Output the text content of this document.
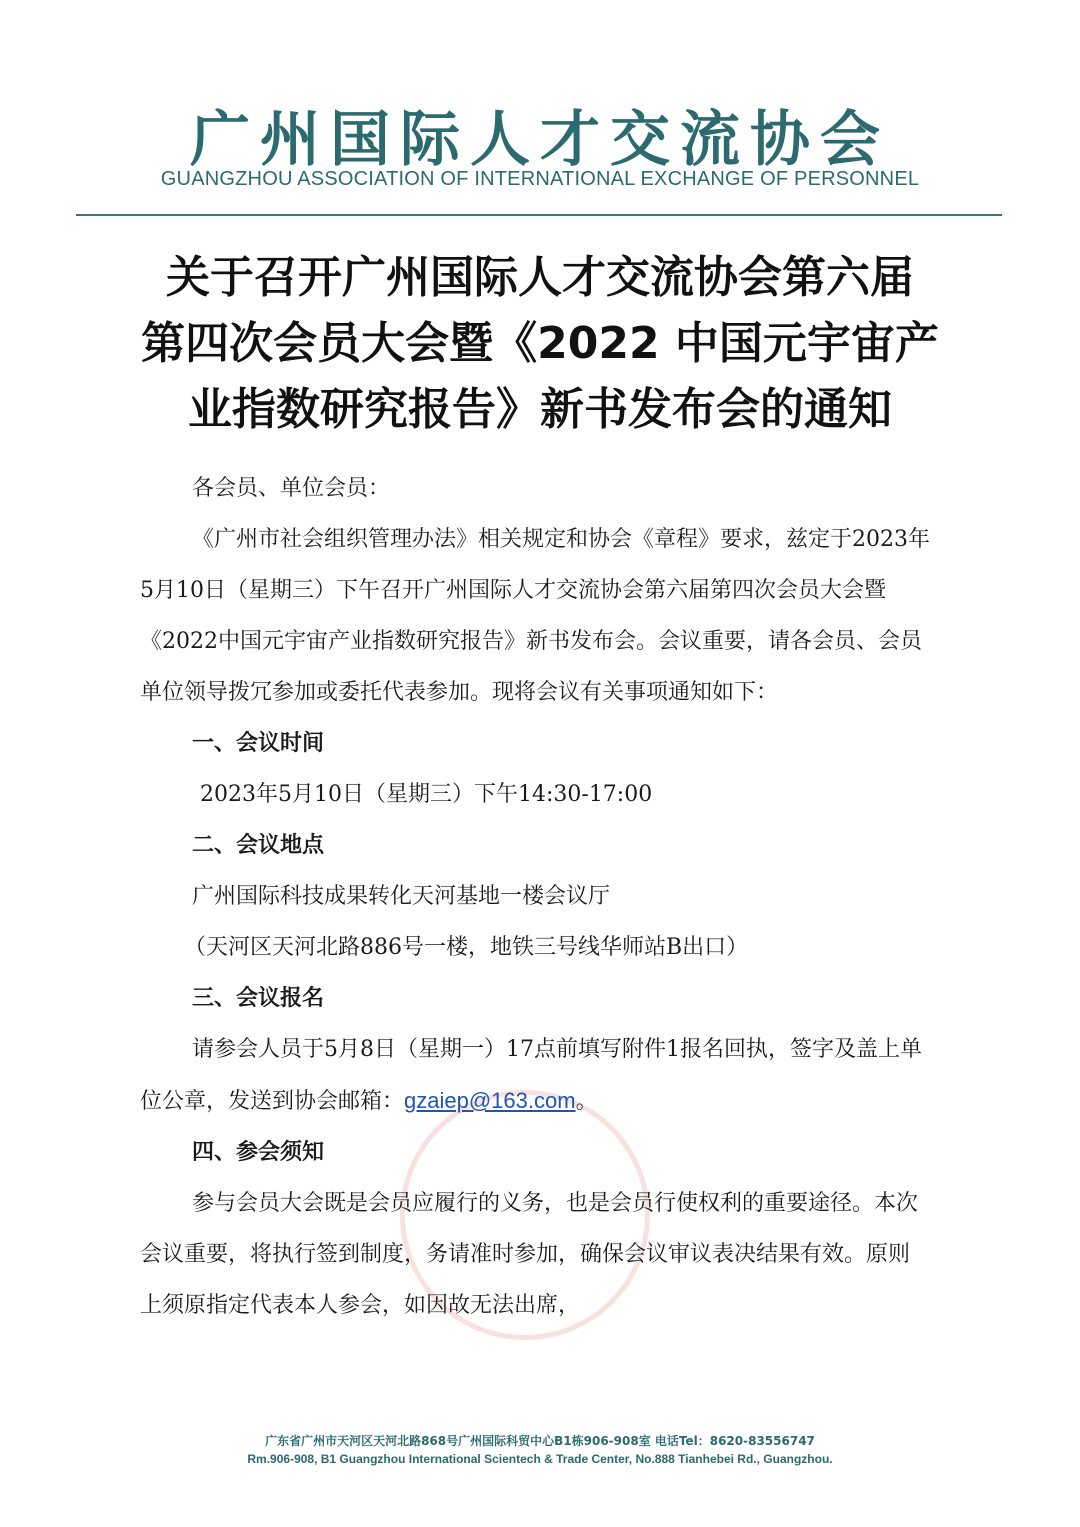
广州国际人才交流协会
GUANGZHOU ASSOCIATION OF INTERNATIONAL EXCHANGE OF PERSONNEL
关于召开广州国际人才交流协会第六届
第四次会员大会暨《2022 中国元宇宙产
业指数研究报告》新书发布会的通知

各会员、单位会员：

《广州市社会组织管理办法》相关规定和协会《章程》要求，兹定于2023年5月10日（星期三）下午召开广州国际人才交流协会第六届第四次会员大会暨《2022中国元宇宙产业指数研究报告》新书发布会。会议重要，请各会员、会员单位领导拨冗参加或委托代表参加。现将会议有关事项通知如下：

一、会议时间

2023年5月10日（星期三）下午14:30-17:00

二、会议地点

广州国际科技成果转化天河基地一楼会议厅

（天河区天河北路886号一楼，地铁三号线华师站B出口）

三、会议报名

请参会人员于5月8日（星期一）17点前填写附件1报名回执，签字及盖上单位公章，发送到协会邮箱：gzaiep@163.com。

四、参会须知

参与会员大会既是会员应履行的义务，也是会员行使权利的重要途径。本次会议重要，将执行签到制度，务请准时参加，确保会议审议表决结果有效。原则上须原指定代表本人参会，如因故无法出席，

广东省广州市天河区天河北路868号广州国际科贸中心B1栋906-908室 电话Tel：8620-83556747
Rm.906-908, B1 Guangzhou International Scientech & Trade Center, No.888 Tianhebei Rd., Guangzhou.
